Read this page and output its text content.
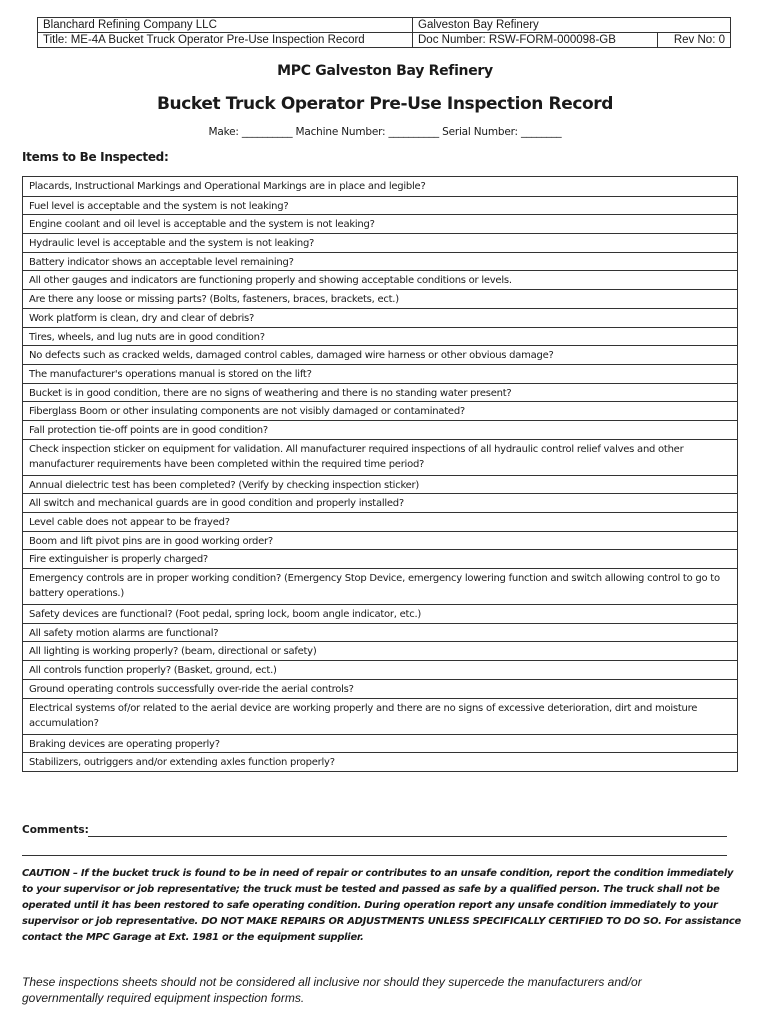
Blanchard Refining Company LLC	Galveston Bay Refinery	
Title: ME-4A Bucket Truck Operator Pre-Use Inspection Record	Doc Number: RSW-FORM-000098-GB	Rev No: 0
MPC Galveston Bay Refinery
Bucket Truck Operator Pre-Use Inspection Record
Make: __________ Machine Number: __________ Serial Number: ________
Items to Be Inspected:
Placards, Instructional Markings and Operational Markings are in place and legible?
Fuel level is acceptable and the system is not leaking?
Engine coolant and oil level is acceptable and the system is not leaking?
Hydraulic level is acceptable and the system is not leaking?
Battery indicator shows an acceptable level remaining?
All other gauges and indicators are functioning properly and showing acceptable conditions or levels.
Are there any loose or missing parts? (Bolts, fasteners, braces, brackets, ect.)
Work platform is clean, dry and clear of debris?
Tires, wheels, and lug nuts are in good condition?
No defects such as cracked welds, damaged control cables, damaged wire harness or other obvious damage?
The manufacturer's operations manual is stored on the lift?
Bucket is in good condition, there are no signs of weathering and there is no standing water present?
Fiberglass Boom or other insulating components are not visibly damaged or contaminated?
Fall protection tie-off points are in good condition?
Check inspection sticker on equipment for validation. All manufacturer required inspections of all hydraulic control relief valves and other manufacturer requirements have been completed within the required time period?
Annual dielectric test has been completed? (Verify by checking inspection sticker)
All switch and mechanical guards are in good condition and properly installed?
Level cable does not appear to be frayed?
Boom and lift pivot pins are in good working order?
Fire extinguisher is properly charged?
Emergency controls are in proper working condition? (Emergency Stop Device, emergency lowering function and switch allowing control to go to battery operations.)
Safety devices are functional? (Foot pedal, spring lock, boom angle indicator, etc.)
All safety motion alarms are functional?
All lighting is working properly? (beam, directional or safety)
All controls function properly? (Basket, ground, ect.)
Ground operating controls successfully over-ride the aerial controls?
Electrical systems of/or related to the aerial device are working properly and there are no signs of excessive deterioration, dirt and moisture accumulation?
Braking devices are operating properly?
Stabilizers, outriggers and/or extending axles function properly?
Comments:
CAUTION – If the bucket truck is found to be in need of repair or contributes to an unsafe condition, report the condition immediately to your supervisor or job representative; the truck must be tested and passed as safe by a qualified person. The truck shall not be operated until it has been restored to safe operating condition. During operation report any unsafe condition immediately to your supervisor or job representative. DO NOT MAKE REPAIRS OR ADJUSTMENTS UNLESS SPECIFICALLY CERTIFIED TO DO SO. For assistance contact the MPC Garage at Ext. 1981 or the equipment supplier.
These inspections sheets should not be considered all inclusive nor should they supercede the manufacturers and/or governmentally required equipment inspection forms.
